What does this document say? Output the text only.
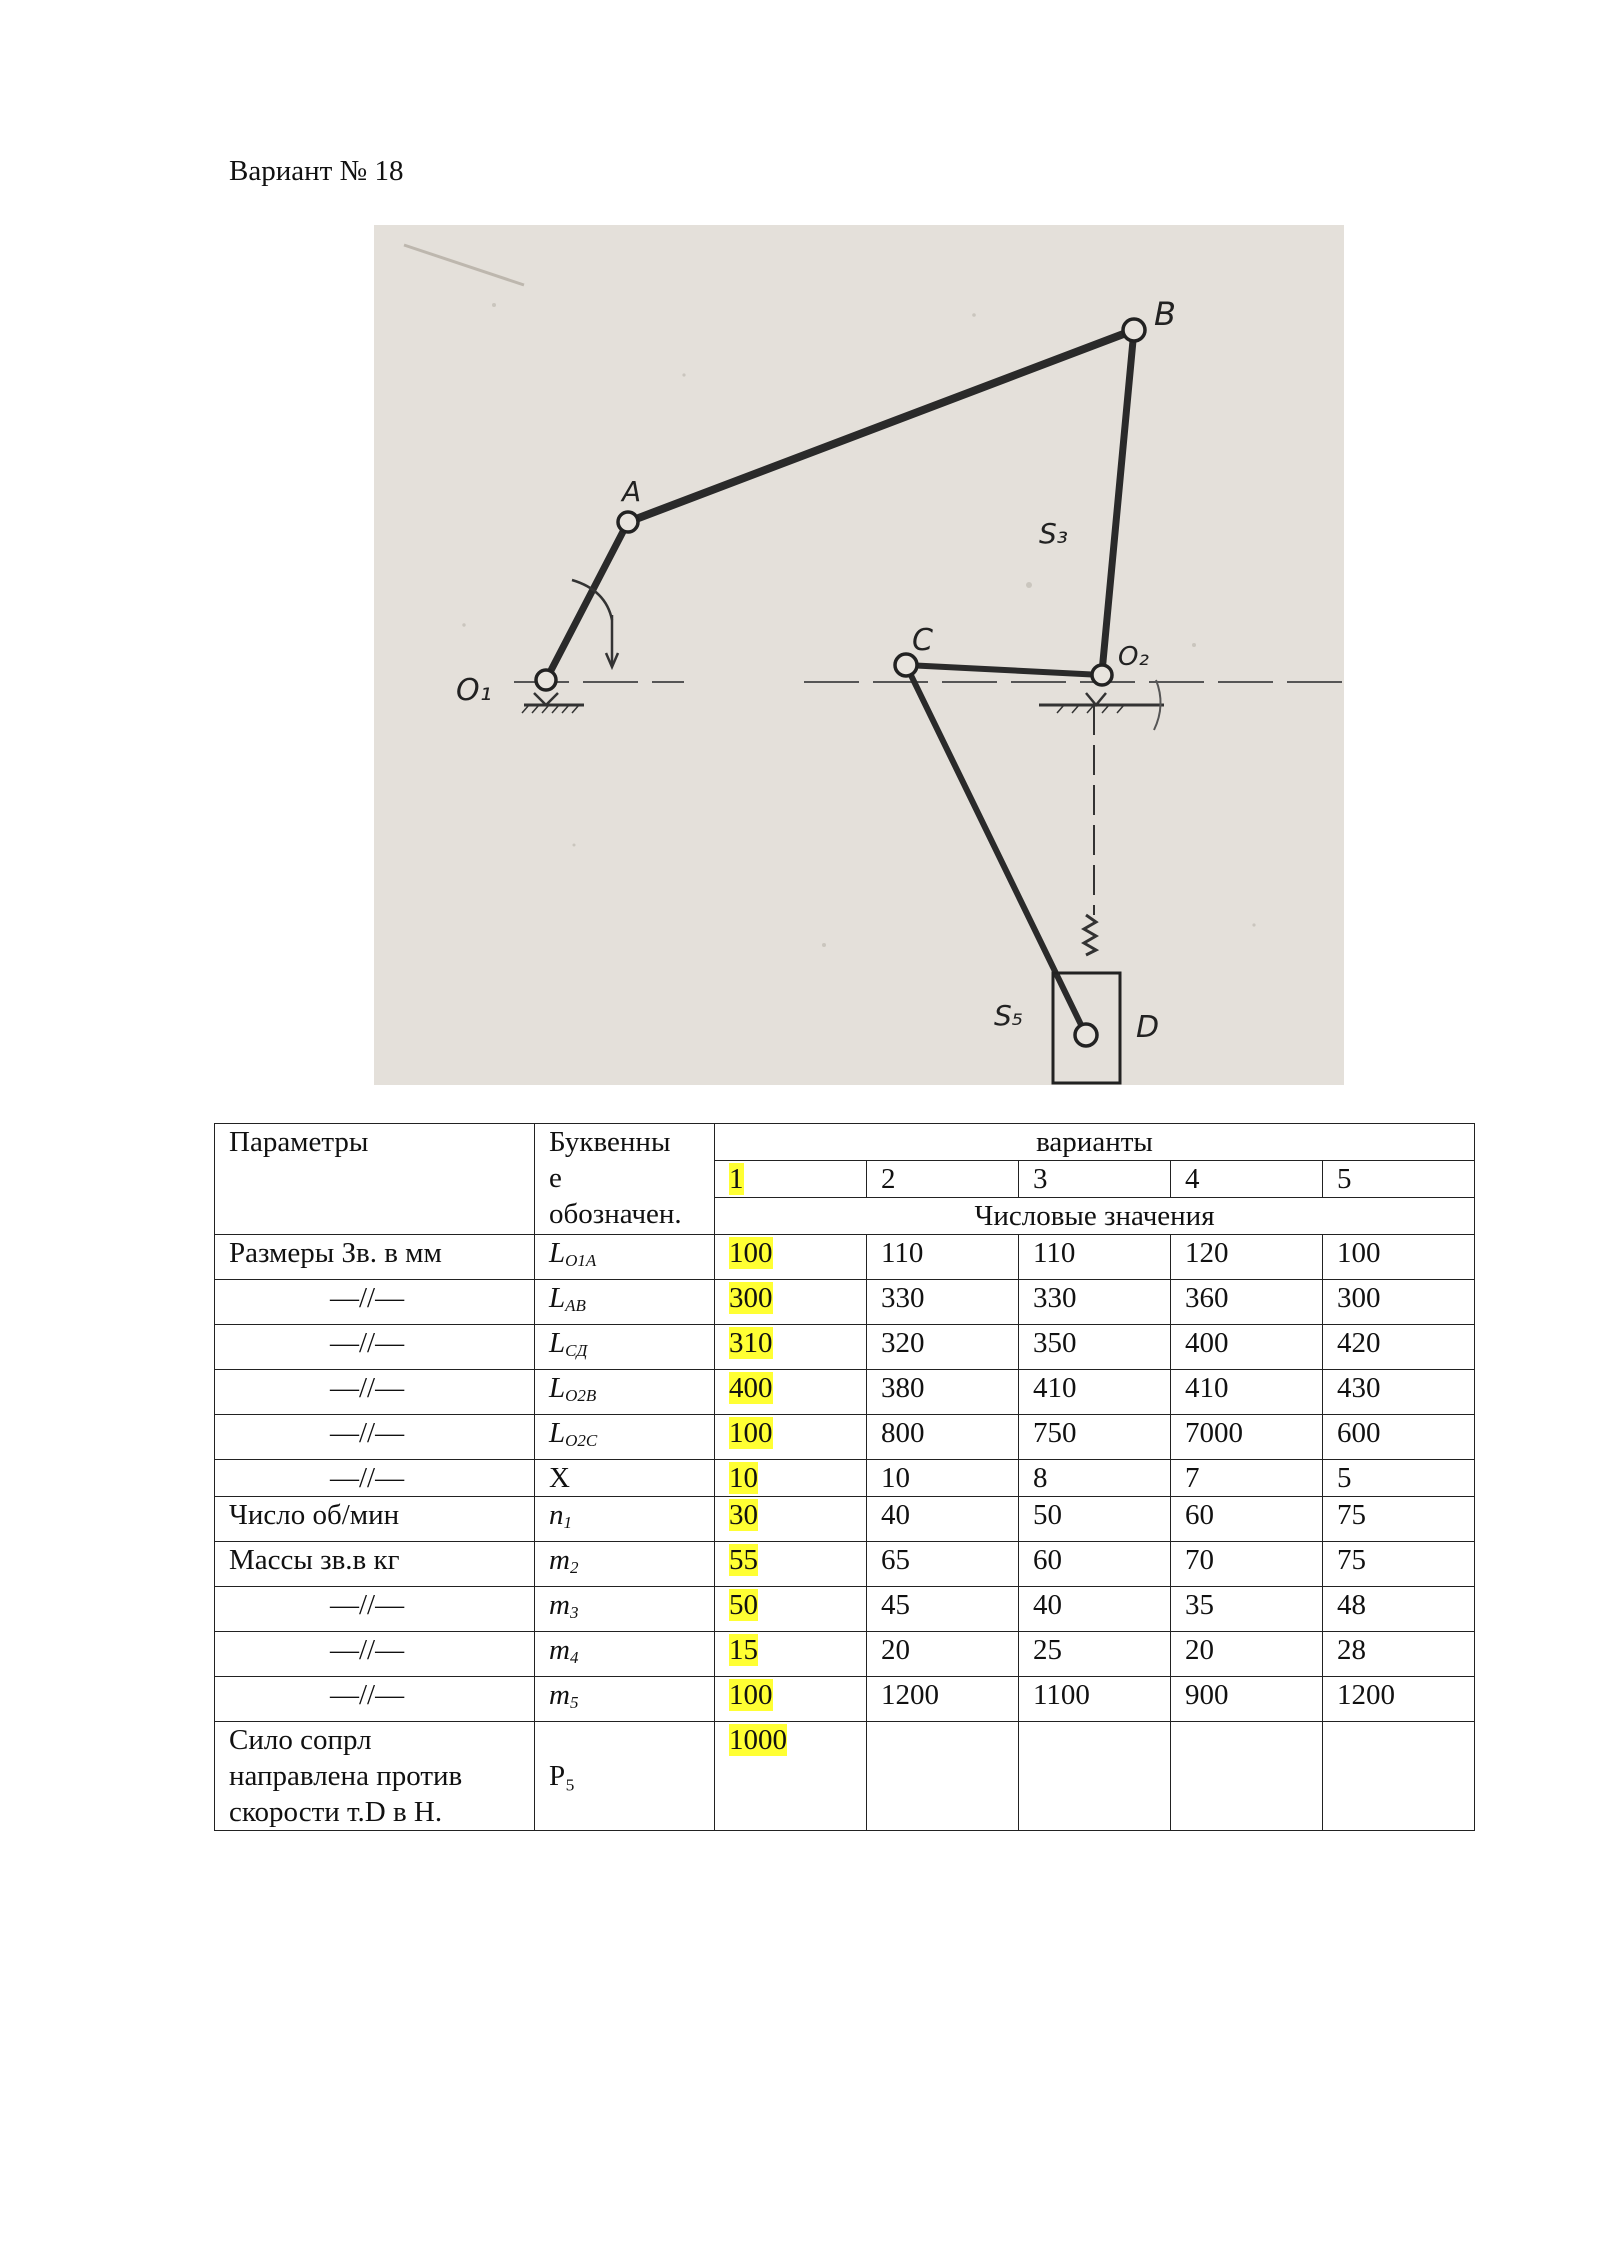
Вариант № 18
O₁
A
B
C	O₂
D
S₃
S₅
Параметры	Буквенны
е
обозначен.	варианты				
		1	2	3	4	5
		Числовые значения				
Размеры Зв. в мм	$L_{O1A}$	100	110	110	120	100
—//—	$L_{AB}$	300	330	330	360	300
—//—	$L_{СД}$	310	320	350	400	420
—//—	$L_{O2B}$	400	380	410	410	430
—//—	$L_{O2C}$	100	800	750	7000	600
—//—	X	10	10	8	7	5
Число об/мин	$n_1$	30	40	50	60	75
Массы зв.в кг	$m_2$	55	65	60	70	75
—//—	$m_3$	50	45	40	35	48
—//—	$m_4$	15	20	25	20	28
—//—	$m_5$	100	1200	1100	900	1200

Сило сопрл
направлена против
скорости т.D в Н.	P₅	1000				
